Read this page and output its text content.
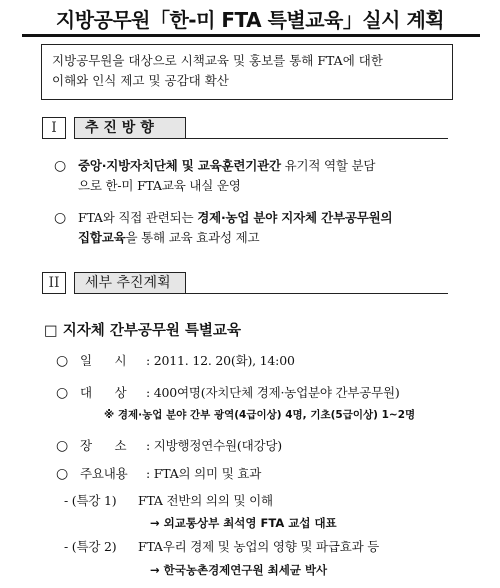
지방공무원「한-미 FTA 특별교육」실시 계획
지방공무원을 대상으로 시책교육 및 홍보를 통해 FTA에 대한
이해와 인식 제고 및 공감대 확산
I	추 진 방 향
○ 중앙·지방자치단체 및 교육훈련기관간 유기적 역할 분담
으로 한-미 FTA교육 내실 운영
○ FTA와 직접 관련되는 경제·농업 분야 지자체 간부공무원의
집합교육을 통해 교육 효과성 제고
II	세부 추진계획
□ 지자체 간부공무원 특별교육
○ 일      시	: 2011. 12. 20(화), 14:00
○ 대      상	: 400여명(자치단체 경제·농업분야 간부공무원)
※ 경제·농업 분야 간부 광역(4급이상) 4명, 기초(5급이상) 1~2명
○ 장      소	: 지방행정연수원(대강당)
○ 주요내용	: FTA의 의미 및 효과
- (특강 1) FTA 전반의 의의 및 이해
→ 외교통상부 최석영 FTA 교섭 대표
- (특강 2) FTA우리 경제 및 농업의 영향 및 파급효과 등
→ 한국농촌경제연구원 최세균 박사
